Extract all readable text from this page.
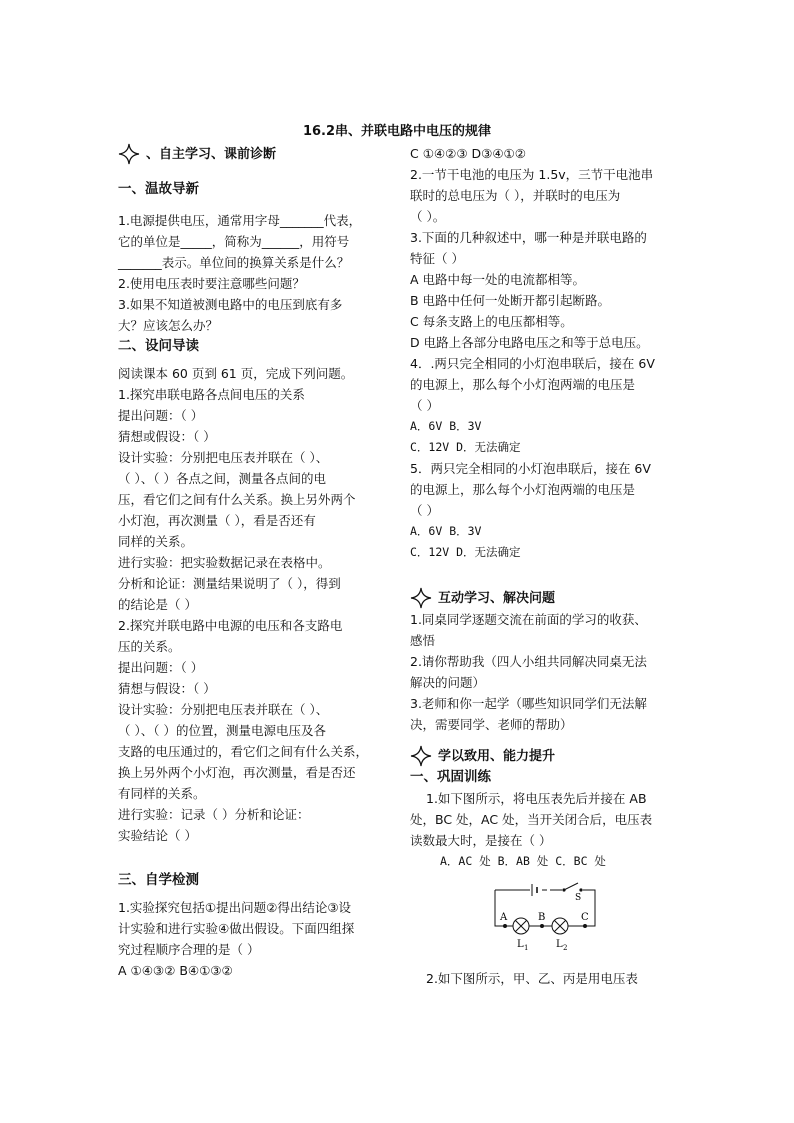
16.2串、并联电路中电压的规律
、自主学习、课前诊断
一、温故导新
1.电源提供电压，通常用字母_______代表，
它的单位是_____，简称为______，用符号
_______表示。单位间的换算关系是什么？
2.使用电压表时要注意哪些问题？
3.如果不知道被测电路中的电压到底有多
大？应该怎么办？
二、设问导读
阅读课本 60 页到 61 页，完成下列问题。
1.探究串联电路各点间电压的关系
提出问题：（ ）
猜想或假设：（ ）
设计实验：分别把电压表并联在（ ）、
（ ）、（ ）各点之间，测量各点间的电
压，看它们之间有什么关系。换上另外两个
小灯泡，再次测量（ ），看是否还有
同样的关系。
进行实验：把实验数据记录在表格中。
分析和论证：测量结果说明了（ ），得到
的结论是（ ）
2.探究并联电路中电源的电压和各支路电
压的关系。
提出问题：（ ）
猜想与假设：（ ）
设计实验：分别把电压表并联在（ ）、
（ ）、（ ）的位置，测量电源电压及各
支路的电压通过的，看它们之间有什么关系，
换上另外两个小灯泡，再次测量，看是否还
有同样的关系。
进行实验：记录（ ）分析和论证：
实验结论（ ）
三、自学检测
1.实验探究包括①提出问题②得出结论③设
计实验和进行实验④做出假设。下面四组探
究过程顺序合理的是（ ）
A ①④③② B④①③②
C ①④②③ D③④①②
2.一节干电池的电压为 1.5v，三节干电池串
联时的总电压为（ ），并联时的电压为
（ ）。
3.下面的几种叙述中，哪一种是并联电路的
特征（ ）
A 电路中每一处的电流都相等。
B 电路中任何一处断开都引起断路。
C 每条支路上的电压都相等。
D 电路上各部分电路电压之和等于总电压。
4．.两只完全相同的小灯泡串联后，接在 6V
的电源上，那么每个小灯泡两端的电压是
（ ）
A．6V B．3V
C．12V D．无法确定
5．两只完全相同的小灯泡串联后，接在 6V
的电源上，那么每个小灯泡两端的电压是
（ ）
A．6V B．3V
C．12V D．无法确定
互动学习、解决问题
1.同桌同学逐题交流在前面的学习的收获、
感悟
2.请你帮助我（四人小组共同解决同桌无法
解决的问题）
3.老师和你一起学（哪些知识同学们无法解
决，需要同学、老师的帮助）
学以致用、能力提升
一、巩固训练
1.如下图所示，将电压表先后并接在 AB
处，BC 处，AC 处，当开关闭合后，电压表
读数最大时，是接在（ ）
A．AC 处 B．AB 处 C．BC 处
S
A	B	C
L 1	L 2
2.如下图所示，甲、乙、丙是用电压表
